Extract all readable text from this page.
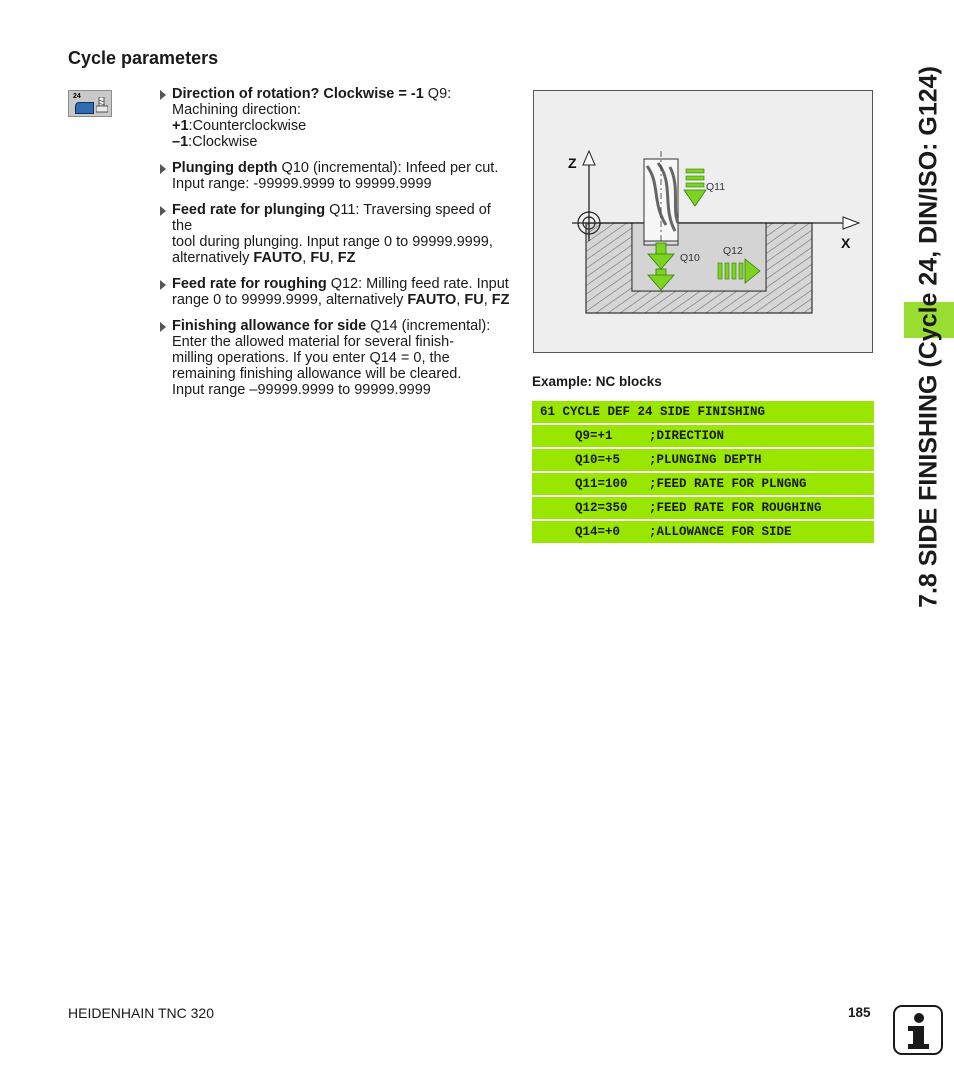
Cycle parameters
24	Direction of rotation? Clockwise = -1 Q9:
Machining direction:
+1:Counterclockwise
–1:Clockwise
Plunging depth Q10 (incremental): Infeed per cut.
Input range: -99999.9999 to 99999.9999
Feed rate for plunging Q11: Traversing speed of the
tool during plunging. Input range 0 to 99999.9999,
alternatively FAUTO, FU, FZ
Feed rate for roughing Q12: Milling feed rate. Input
range 0 to 99999.9999, alternatively FAUTO, FU, FZ
Finishing allowance for side Q14 (incremental):
Enter the allowed material for several finish-
milling operations. If you enter Q14 = 0, the
remaining finishing allowance will be cleared.
Input range –99999.9999 to 99999.9999
Z
X
Q11
Q10
Q12
Example: NC blocks
61 CYCLE DEF 24 SIDE FINISHING
Q9=+1	;DIRECTION
Q10=+5 ;PLUNGING DEPTH
Q11=100 ;FEED RATE FOR PLNGNG
Q12=350 ;FEED RATE FOR ROUGHING
Q14=+0 ;ALLOWANCE FOR SIDE	7.8 SIDE FINISHING (Cycle 24, DIN/ISO: G124)
HEIDENHAIN TNC 320	185
